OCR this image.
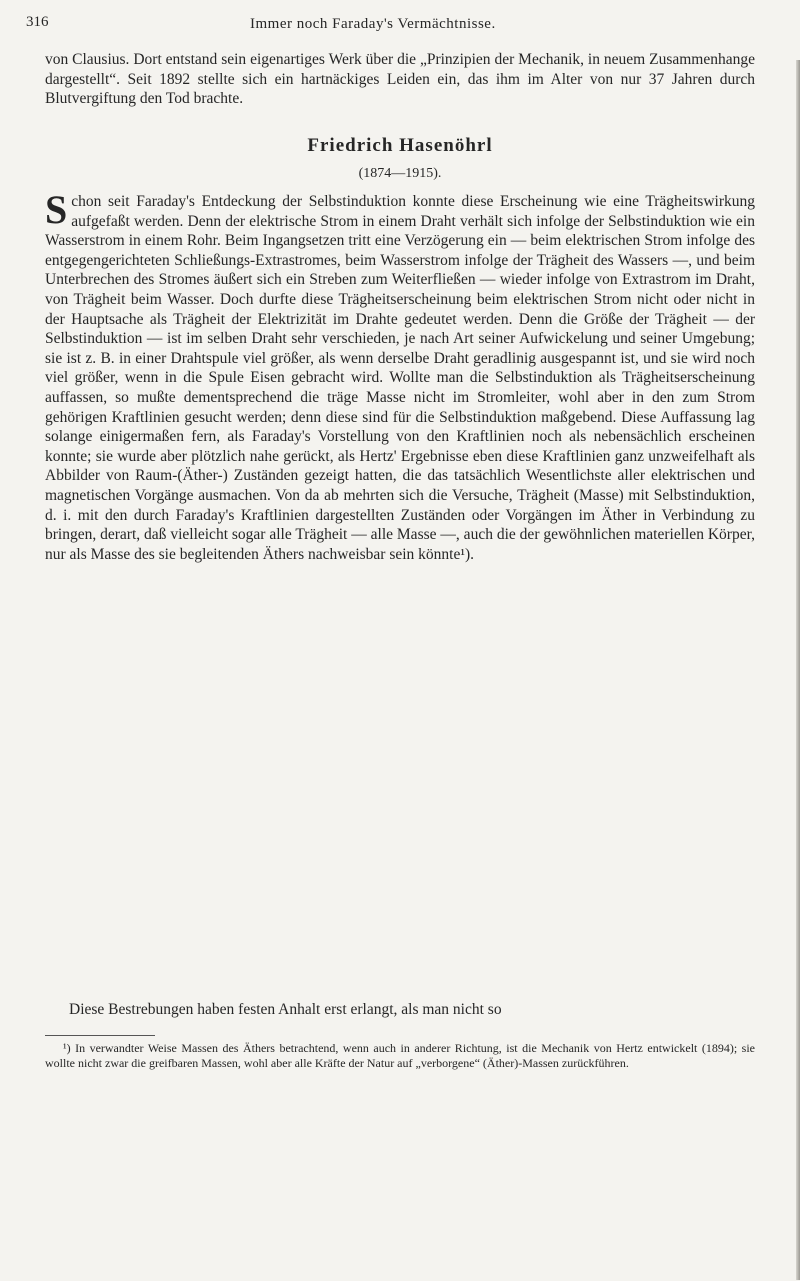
316	Immer noch Faraday's Vermächtnisse.

von Clausius. Dort entstand sein eigenartiges Werk über die „Prinzipien der Mechanik, in neuem Zusammenhange dargestellt“. Seit 1892 stellte sich ein hartnäckiges Leiden ein, das ihm im Alter von nur 37 Jahren durch Blutvergiftung den Tod brachte.

Friedrich Hasenöhrl
(1874—1915).

Schon seit Faraday's Entdeckung der Selbstinduktion konnte diese Erscheinung wie eine Trägheitswirkung aufgefaßt werden. Denn der elektrische Strom in einem Draht verhält sich infolge der Selbstinduktion wie ein Wasserstrom in einem Rohr. Beim Ingangsetzen tritt eine Verzögerung ein — beim elektrischen Strom infolge des entgegengerichteten Schließungs-Extrastromes, beim Wasserstrom infolge der Trägheit des Wassers —, und beim Unterbrechen des Stromes äußert sich ein Streben zum Weiterfließen — wieder infolge von Extrastrom im Draht, von Trägheit beim Wasser. Doch durfte diese Trägheitserscheinung beim elektrischen Strom nicht oder nicht in der Hauptsache als Trägheit der Elektrizität im Drahte gedeutet werden. Denn die Größe der Trägheit — der Selbstinduktion — ist im selben Draht sehr verschieden, je nach Art seiner Aufwickelung und seiner Umgebung; sie ist z. B. in einer Drahtspule viel größer, als wenn derselbe Draht geradlinig ausgespannt ist, und sie wird noch viel größer, wenn in die Spule Eisen gebracht wird. Wollte man die Selbstinduktion als Trägheitserscheinung auffassen, so mußte dementsprechend die träge Masse nicht im Stromleiter, wohl aber in den zum Strom gehörigen Kraftlinien gesucht werden; denn diese sind für die Selbstinduktion maßgebend. Diese Auffassung lag solange einigermaßen fern, als Faraday's Vorstellung von den Kraftlinien noch als nebensächlich erscheinen konnte; sie wurde aber plötzlich nahe gerückt, als Hertz' Ergebnisse eben diese Kraftlinien ganz unzweifelhaft als Abbilder von Raum-(Äther-) Zuständen gezeigt hatten, die das tatsächlich Wesentlichste aller elektrischen und magnetischen Vorgänge ausmachen. Von da ab mehrten sich die Versuche, Trägheit (Masse) mit Selbstinduktion, d. i. mit den durch Faraday's Kraftlinien dargestellten Zuständen oder Vorgängen im Äther in Verbindung zu bringen, derart, daß vielleicht sogar alle Trägheit — alle Masse —, auch die der gewöhnlichen materiellen Körper, nur als Masse des sie begleitenden Äthers nachweisbar sein könnte¹).

Diese Bestrebungen haben festen Anhalt erst erlangt, als man nicht so

¹) In verwandter Weise Massen des Äthers betrachtend, wenn auch in anderer Richtung, ist die Mechanik von Hertz entwickelt (1894); sie wollte nicht zwar die greifbaren Massen, wohl aber alle Kräfte der Natur auf „verborgene“ (Äther)-Massen zurückführen.
